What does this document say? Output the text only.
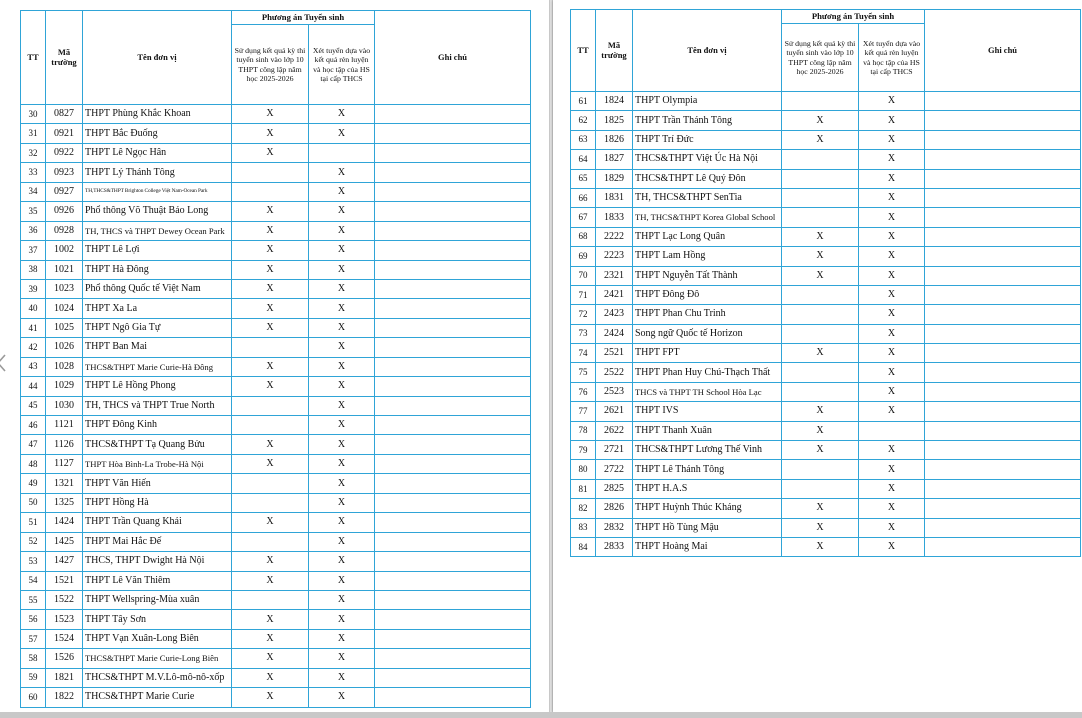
TT	Mã trường	Tên đơn vị	Phương án Tuyển sinh		Ghi chú
			Sử dụng kết quả kỳ thi tuyển sinh vào lớp 10 THPT công lập năm học 2025-2026	Xét tuyển dựa vào kết quả rèn luyện và học tập của HS tại cấp THCS	
30	0827	THPT Phùng Khắc Khoan	X	X	
31	0921	THPT Bắc Đuống	X	X	
32	0922	THPT Lê Ngọc Hân	X		
33	0923	THPT Lý Thánh Tông		X	
34	0927	TH,THCS&THPT Brighton College Việt Nam-Ocean Park		X	
35	0926	Phổ thông Võ Thuật Bảo Long	X	X	
36	0928	TH, THCS và THPT Dewey Ocean Park	X	X	
37	1002	THPT Lê Lợi	X	X	
38	1021	THPT Hà Đông	X	X	
39	1023	Phổ thông Quốc tế Việt Nam	X	X	
40	1024	THPT Xa La	X	X	
41	1025	THPT Ngô Gia Tự	X	X	
42	1026	THPT Ban Mai		X	
43	1028	THCS&THPT Marie Curie-Hà Đông	X	X	
44	1029	THPT Lê Hồng Phong	X	X	
45	1030	TH, THCS và THPT True North		X	
46	1121	THPT Đông Kinh		X	
47	1126	THCS&THPT Tạ Quang Bửu	X	X	
48	1127	THPT Hòa Bình-La Trobe-Hà Nội	X	X	
49	1321	THPT Văn Hiến		X	
50	1325	THPT Hồng Hà		X	
51	1424	THPT Trần Quang Khải	X	X	
52	1425	THPT Mai Hắc Đế		X	
53	1427	THCS, THPT Dwight Hà Nội	X	X	
54	1521	THPT Lê Văn Thiêm	X	X	
55	1522	THPT Wellspring-Mùa xuân		X	
56	1523	THPT Tây Sơn	X	X	
57	1524	THPT Vạn Xuân-Long Biên	X	X	
58	1526	THCS&THPT Marie Curie-Long Biên	X	X	
59	1821	THCS&THPT M.V.Lô-mô-nô-xốp	X	X	
60	1822	THCS&THPT Marie Curie	X	X	
TT	Mã trường	Tên đơn vị	Phương án Tuyển sinh		Ghi chú
			Sử dụng kết quả kỳ thi tuyển sinh vào lớp 10 THPT công lập năm học 2025-2026	Xét tuyển dựa vào kết quả rèn luyện và học tập của HS tại cấp THCS	
61	1824	THPT Olympia		X	
62	1825	THPT Trần Thánh Tông	X	X	
63	1826	THPT Trí Đức	X	X	
64	1827	THCS&THPT Việt Úc Hà Nội		X	
65	1829	THCS&THPT Lê Quý Đôn		X	
66	1831	TH, THCS&THPT SenTia		X	
67	1833	TH, THCS&THPT Korea Global School		X	
68	2222	THPT Lạc Long Quân	X	X	
69	2223	THPT Lam Hồng	X	X	
70	2321	THPT Nguyễn Tất Thành	X	X	
71	2421	THPT Đông Đô		X	
72	2423	THPT Phan Chu Trinh		X	
73	2424	Song ngữ Quốc tế Horizon		X	
74	2521	THPT FPT	X	X	
75	2522	THPT Phan Huy Chú-Thạch Thất		X	
76	2523	THCS và THPT TH School Hòa Lạc		X	
77	2621	THPT IVS	X	X	
78	2622	THPT Thanh Xuân	X		
79	2721	THCS&THPT Lương Thế Vinh	X	X	
80	2722	THPT Lê Thánh Tông		X	
81	2825	THPT H.A.S		X	
82	2826	THPT Huỳnh Thúc Kháng	X	X	
83	2832	THPT Hồ Tùng Mậu	X	X	
84	2833	THPT Hoàng Mai	X	X	
